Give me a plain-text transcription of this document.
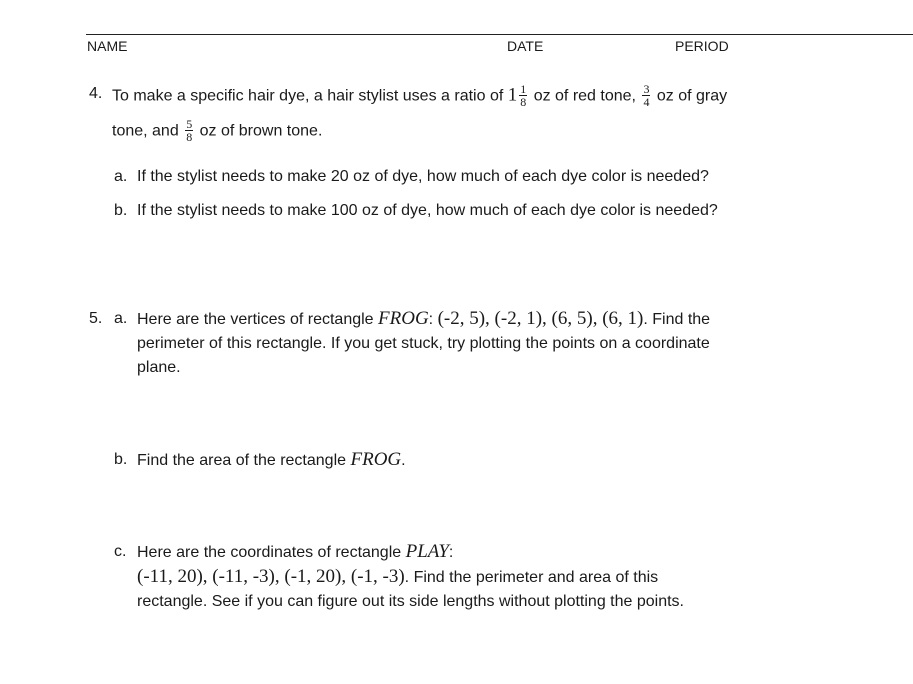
NAME	DATE	PERIOD
4. To make a specific hair dye, a hair stylist uses a ratio of $1 \frac{1}{8}$ oz of red tone, $\frac{3}{4}$ oz of gray
tone, and $\frac{5}{8}$ oz of brown tone.
a. If the stylist needs to make 20 oz of dye, how much of each dye color is needed?
b. If the stylist needs to make 100 oz of dye, how much of each dye color is needed?
5. a. Here are the vertices of rectangle FROG: (-2, 5), (-2, 1), (6, 5), (6, 1). Find the
perimeter of this rectangle. If you get stuck, try plotting the points on a coordinate
plane.
b. Find the area of the rectangle FROG.
c. Here are the coordinates of rectangle PLAY:
(-11, 20), (-11, -3), (-1, 20), (-1, -3). Find the perimeter and area of this
rectangle. See if you can figure out its side lengths without plotting the points.
